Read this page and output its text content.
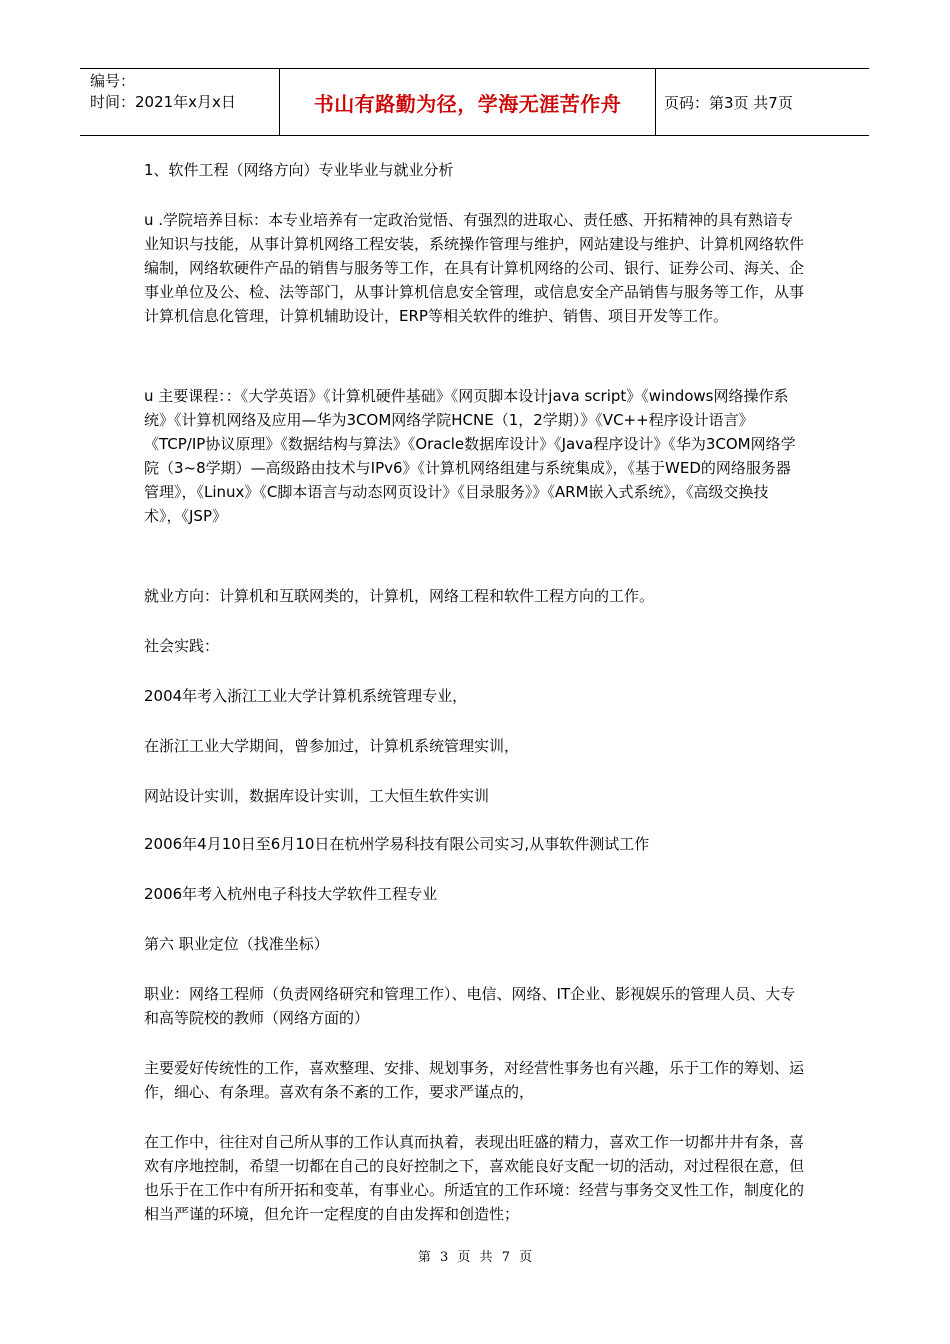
编号：
时间：2021年x月x日	书山有路勤为径，学海无涯苦作舟	页码：第3页 共7页

1、软件工程（网络方向）专业毕业与就业分析

u .学院培养目标：本专业培养有一定政治觉悟、有强烈的进取心、责任感、开拓精神的具有熟谙专业知识与技能，从事计算机网络工程安装，系统操作管理与维护，网站建设与维护、计算机网络软件编制，网络软硬件产品的销售与服务等工作，在具有计算机网络的公司、银行、证券公司、海关、企事业单位及公、检、法等部门，从事计算机信息安全管理，或信息安全产品销售与服务等工作，从事计算机信息化管理，计算机辅助设计，ERP等相关软件的维护、销售、项目开发等工作。

u 主要课程：：《大学英语》《计算机硬件基础》《网页脚本设计java script》《windows网络操作系统》《计算机网络及应用—华为3COM网络学院HCNE（1，2学期）》《VC++程序设计语言》《TCP/IP协议原理》《数据结构与算法》《Oracle数据库设计》《Java程序设计》《华为3COM网络学院（3~8学期）—高级路由技术与IPv6》《计算机网络组建与系统集成》，《基于WED的网络服务器管理》，《Linux》《C脚本语言与动态网页设计》《目录服务》》《ARM嵌入式系统》，《高级交换技术》，《JSP》

就业方向：计算机和互联网类的，计算机，网络工程和软件工程方向的工作。

社会实践：

2004年考入浙江工业大学计算机系统管理专业，

在浙江工业大学期间，曾参加过，计算机系统管理实训，

网站设计实训，数据库设计实训，工大恒生软件实训

2006年4月10日至6月10日在杭州学易科技有限公司实习,从事软件测试工作

2006年考入杭州电子科技大学软件工程专业

第六 职业定位（找准坐标）

职业：网络工程师（负责网络研究和管理工作）、电信、网络、IT企业、影视娱乐的管理人员、大专和高等院校的教师（网络方面的）

主要爱好传统性的工作，喜欢整理、安排、规划事务，对经营性事务也有兴趣，乐于工作的筹划、运作，细心、有条理。喜欢有条不紊的工作，要求严谨点的，

在工作中，往往对自己所从事的工作认真而执着，表现出旺盛的精力，喜欢工作一切都井井有条，喜欢有序地控制，希望一切都在自己的良好控制之下，喜欢能良好支配一切的活动，对过程很在意，但也乐于在工作中有所开拓和变革，有事业心。所适宜的工作环境：经营与事务交叉性工作，制度化的相当严谨的环境，但允许一定程度的自由发挥和创造性；

第 3 页 共 7 页
